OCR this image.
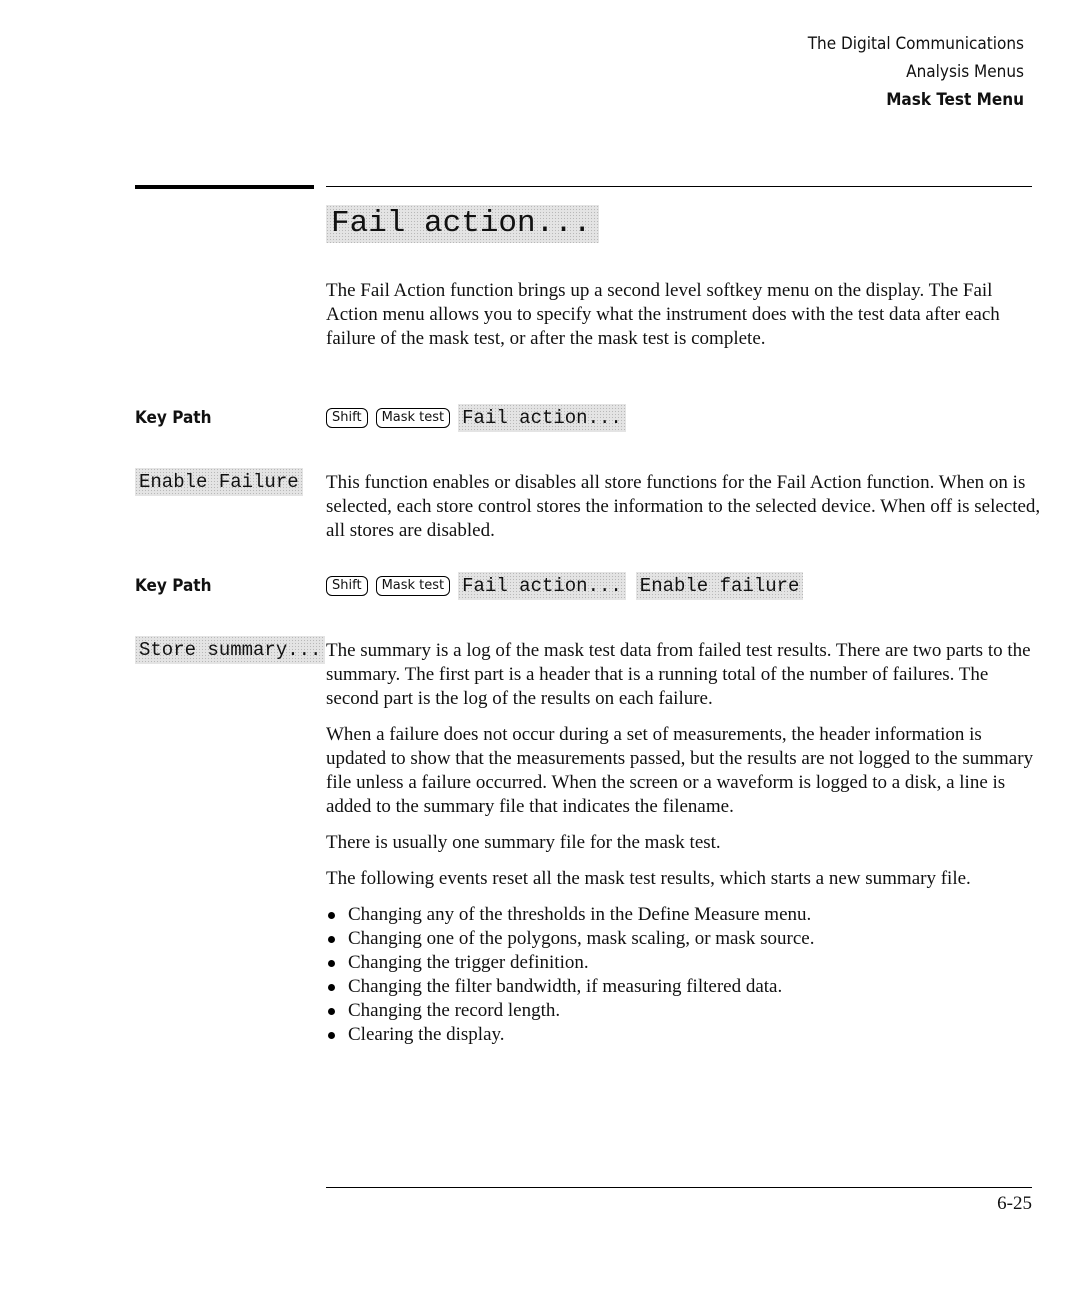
The Digital Communications
Analysis Menus
Mask Test Menu
Fail action...

The Fail Action function brings up a second level softkey menu on the display. The Fail Action menu allows you to specify what the instrument does with the test data after each failure of the mask test, or after the mask test is complete.

Key Path	Shift Mask test Fail action...
Enable Failure This function enables or disables all store functions for the Fail Action function. When on is selected, each store control stores the information to the selected device. When off is selected, all stores are disabled.

Key Path	Shift Mask test Fail action... Enable failure
Store summary... The summary is a log of the mask test data from failed test results. There are two parts to the summary. The first part is a header that is a running total of the number of failures. The second part is the log of the results on each failure.

When a failure does not occur during a set of measurements, the header information is updated to show that the measurements passed, but the results are not logged to the summary file unless a failure occurred. When the screen or a waveform is logged to a disk, a line is added to the summary file that indicates the filename.

There is usually one summary file for the mask test.

The following events reset all the mask test results, which starts a new summary file.

Changing any of the thresholds in the Define Measure menu.
Changing one of the polygons, mask scaling, or mask source.
Changing the trigger definition.
Changing the filter bandwidth, if measuring filtered data.
Changing the record length.
Clearing the display.
6-25
